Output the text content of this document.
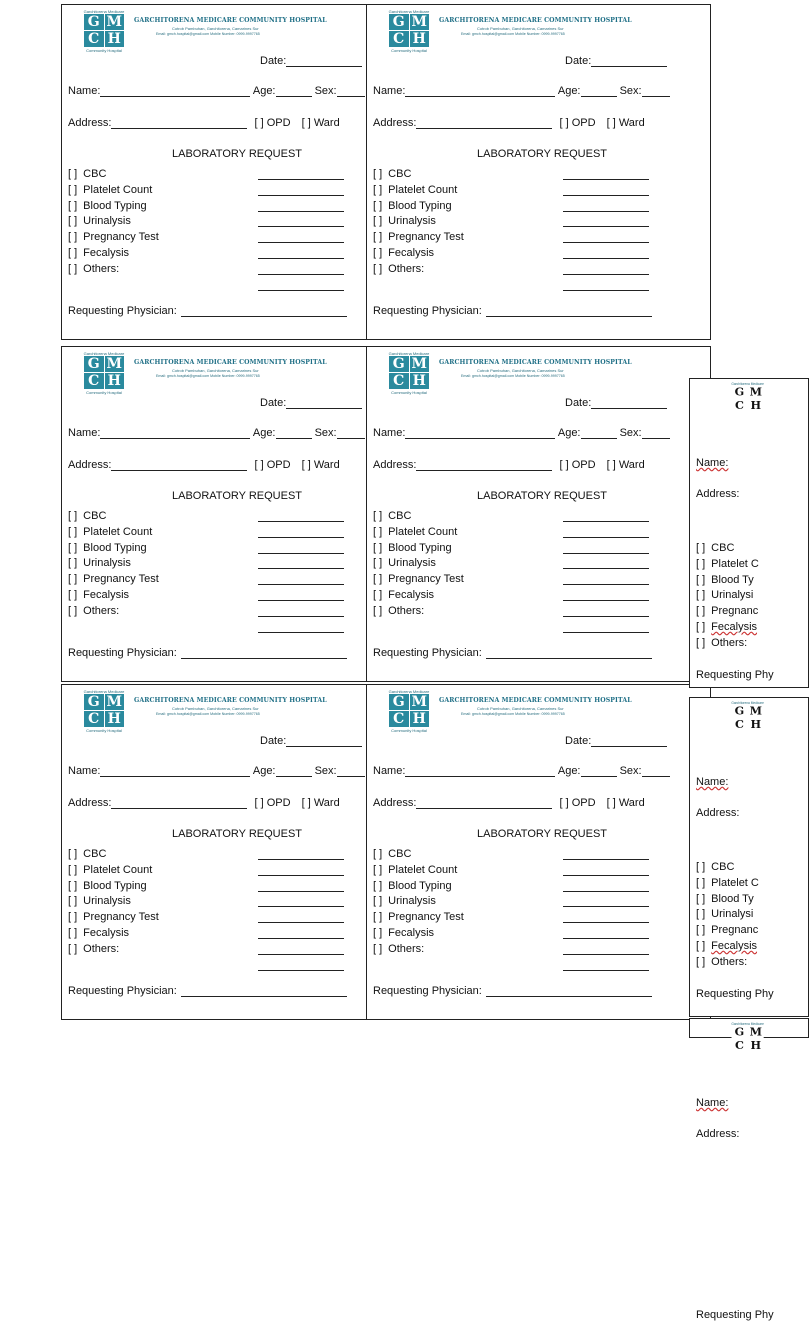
Garchitorena Medicare
G M
C H
Community Hospital
GARCHITORENA MEDICARE COMMUNITY HOSPITAL
Cotrob Pambuhan, Garchitorena, Camarines Sur
Email: gmch.hospital@gmail.com Mobile Number: 0999-9997765
Date:
Name:	Age:	Sex:
Address:	[ ] OPD [ ] Ward
LABORATORY REQUEST
[ ] CBC
[ ] Platelet Count
[ ] Blood Typing
[ ] Urinalysis
[ ] Pregnancy Test
[ ] Fecalysis
[ ] Others:
Requesting Physician:
Garchitorena Medicare
G M
C H
Community Hospital
GARCHITORENA MEDICARE COMMUNITY HOSPITAL
Cotrob Pambuhan, Garchitorena, Camarines Sur
Email: gmch.hospital@gmail.com Mobile Number: 0999-9997765
Date:
Name:	Age:	Sex:
Address:	[ ] OPD [ ] Ward
LABORATORY REQUEST
[ ] CBC
[ ] Platelet Count
[ ] Blood Typing
[ ] Urinalysis
[ ] Pregnancy Test
[ ] Fecalysis
[ ] Others:
Requesting Physician:
Garchitorena Medicare
G M
C H
Community Hospital
GARCHITORENA MEDICARE COMMUNITY HOSPITAL
Cotrob Pambuhan, Garchitorena, Camarines Sur
Email: gmch.hospital@gmail.com Mobile Number: 0999-9997765
Date:
Name:	Age:	Sex:
Address:	[ ] OPD [ ] Ward
LABORATORY REQUEST
[ ] CBC
[ ] Platelet Count
[ ] Blood Typing
[ ] Urinalysis
[ ] Pregnancy Test
[ ] Fecalysis
[ ] Others:
Requesting Physician:
Garchitorena Medicare
G M
C H
Community Hospital
GARCHITORENA MEDICARE COMMUNITY HOSPITAL
Cotrob Pambuhan, Garchitorena, Camarines Sur
Email: gmch.hospital@gmail.com Mobile Number: 0999-9997765
Date:
Name:	Age:	Sex:
Address:	[ ] OPD [ ] Ward
LABORATORY REQUEST
[ ] CBC
[ ] Platelet Count
[ ] Blood Typing
[ ] Urinalysis
[ ] Pregnancy Test
[ ] Fecalysis
[ ] Others:
Requesting Physician:
Garchitorena Medicare
G M
C H
Community Hospital
GARCHITORENA MEDICARE COMMUNITY HOSPITAL
Cotrob Pambuhan, Garchitorena, Camarines Sur
Email: gmch.hospital@gmail.com Mobile Number: 0999-9997765
Date:
Name:	Age:	Sex:
Address:	[ ] OPD [ ] Ward
LABORATORY REQUEST
[ ] CBC
[ ] Platelet Count
[ ] Blood Typing
[ ] Urinalysis
[ ] Pregnancy Test
[ ] Fecalysis
[ ] Others:
Requesting Physician:
Garchitorena Medicare
G M
C H
Community Hospital
GARCHITORENA MEDICARE COMMUNITY HOSPITAL
Cotrob Pambuhan, Garchitorena, Camarines Sur
Email: gmch.hospital@gmail.com Mobile Number: 0999-9997765
Date:
Name:	Age:	Sex:
Address:	[ ] OPD [ ] Ward
LABORATORY REQUEST
[ ] CBC
[ ] Platelet Count
[ ] Blood Typing
[ ] Urinalysis
[ ] Pregnancy Test
[ ] Fecalysis
[ ] Others:
Requesting Physician:
Garchitorena Medicare
G M
C H
Name:
Address:
[ ] CBC
[ ] Platelet C
[ ] Blood Ty
[ ] Urinalysi
[ ] Pregnanc
[ ] Fecalysis
[ ] Others:
Requesting Phy
Garchitorena Medicare
G M
C H
Name:
Address:
[ ] CBC
[ ] Platelet C
[ ] Blood Ty
[ ] Urinalysi
[ ] Pregnanc
[ ] Fecalysis
[ ] Others:
Requesting Phy
Garchitorena Medicare
G M
C H
Name:
Address:
Requesting Phy
